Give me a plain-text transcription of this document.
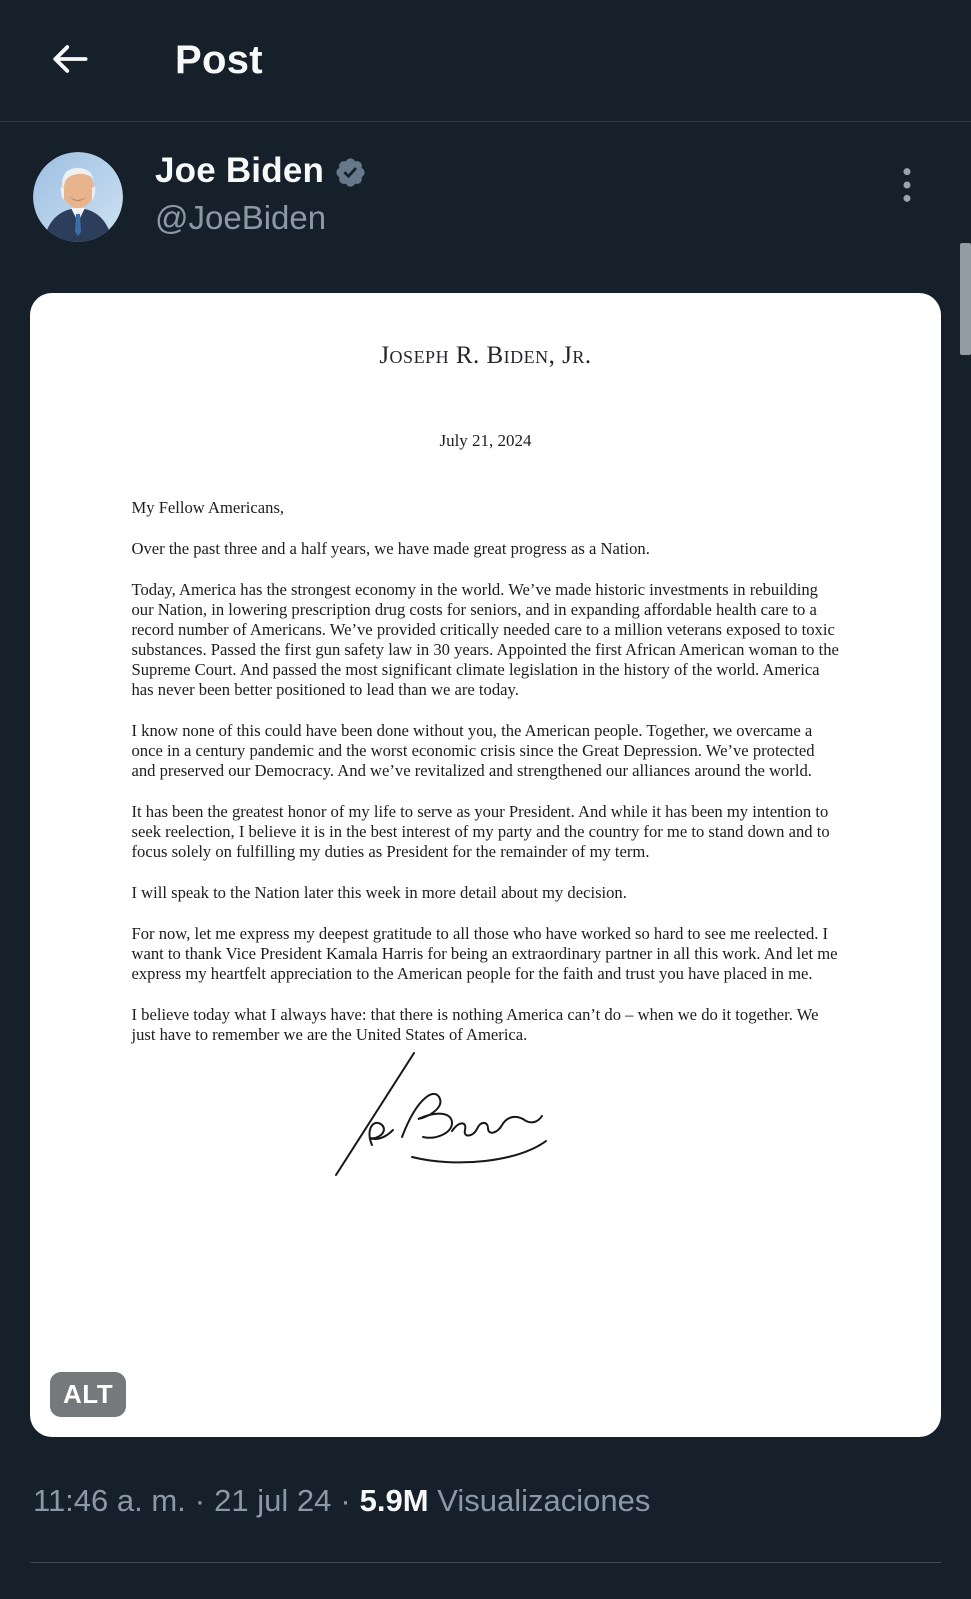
Post
Joe Biden
@JoeBiden
Joseph R. Biden, Jr.
July 21, 2024

My Fellow Americans,

Over the past three and a half years, we have made great progress as a Nation.

Today, America has the strongest economy in the world. We’ve made historic investments in rebuilding our Nation, in lowering prescription drug costs for seniors, and in expanding affordable health care to a record number of Americans. We’ve provided critically needed care to a million veterans exposed to toxic substances. Passed the first gun safety law in 30 years. Appointed the first African American woman to the Supreme Court. And passed the most significant climate legislation in the history of the world. America has never been better positioned to lead than we are today.

I know none of this could have been done without you, the American people. Together, we overcame a once in a century pandemic and the worst economic crisis since the Great Depression. We’ve protected and preserved our Democracy. And we’ve revitalized and strengthened our alliances around the world.

It has been the greatest honor of my life to serve as your President. And while it has been my intention to seek reelection, I believe it is in the best interest of my party and the country for me to stand down and to focus solely on fulfilling my duties as President for the remainder of my term.

I will speak to the Nation later this week in more detail about my decision.

For now, let me express my deepest gratitude to all those who have worked so hard to see me reelected. I want to thank Vice President Kamala Harris for being an extraordinary partner in all this work. And let me express my heartfelt appreciation to the American people for the faith and trust you have placed in me.

I believe today what I always have: that there is nothing America can’t do – when we do it together. We just have to remember we are the United States of America.

ALT
11:46 a. m. · 21 jul 24 · 5.9M Visualizaciones
